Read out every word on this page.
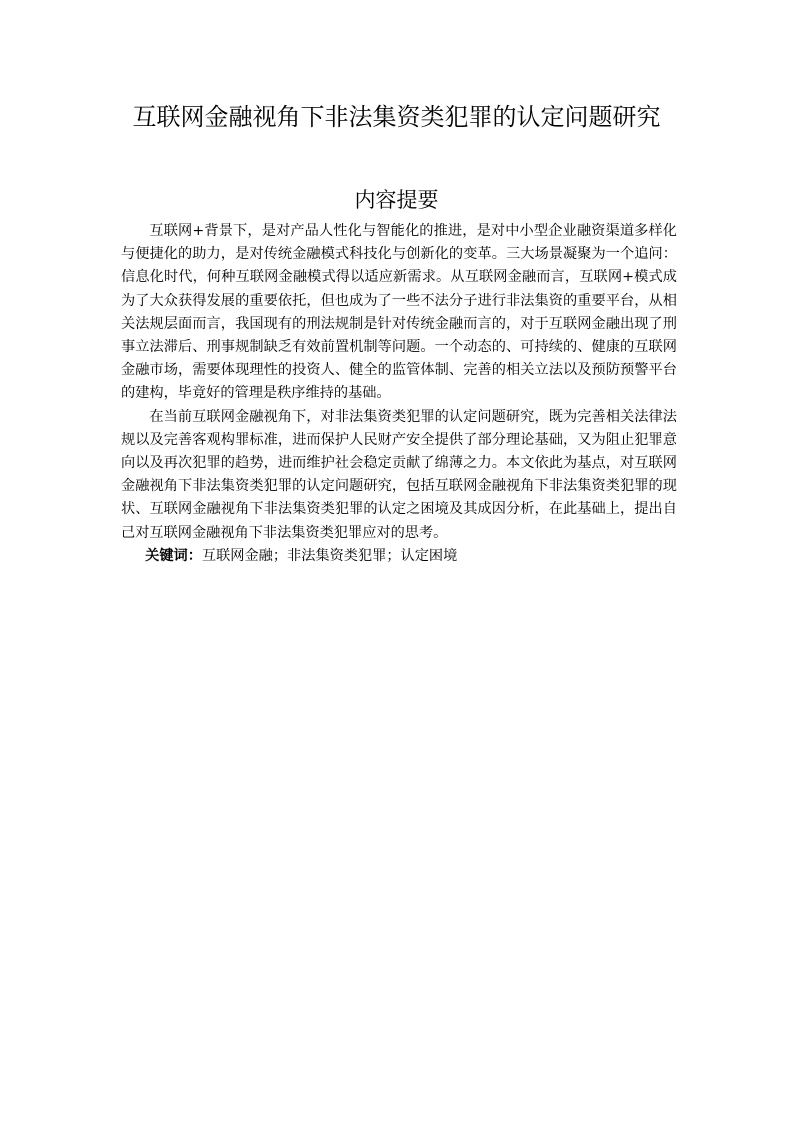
互联网金融视角下非法集资类犯罪的认定问题研究
内容提要

互联网+背景下，是对产品人性化与智能化的推进，是对中小型企业融资渠道多样化与便捷化的助力，是对传统金融模式科技化与创新化的变革。三大场景凝聚为一个追问：信息化时代，何种互联网金融模式得以适应新需求。从互联网金融而言，互联网+模式成为了大众获得发展的重要依托，但也成为了一些不法分子进行非法集资的重要平台，从相关法规层面而言，我国现有的刑法规制是针对传统金融而言的，对于互联网金融出现了刑事立法滞后、刑事规制缺乏有效前置机制等问题。一个动态的、可持续的、健康的互联网金融市场，需要体现理性的投资人、健全的监管体制、完善的相关立法以及预防预警平台的建构，毕竟好的管理是秩序维持的基础。

在当前互联网金融视角下，对非法集资类犯罪的认定问题研究，既为完善相关法律法规以及完善客观构罪标准，进而保护人民财产安全提供了部分理论基础，又为阻止犯罪意向以及再次犯罪的趋势，进而维护社会稳定贡献了绵薄之力。本文依此为基点，对互联网金融视角下非法集资类犯罪的认定问题研究，包括互联网金融视角下非法集资类犯罪的现状、互联网金融视角下非法集资类犯罪的认定之困境及其成因分析，在此基础上，提出自己对互联网金融视角下非法集资类犯罪应对的思考。

关键词：互联网金融；非法集资类犯罪；认定困境
